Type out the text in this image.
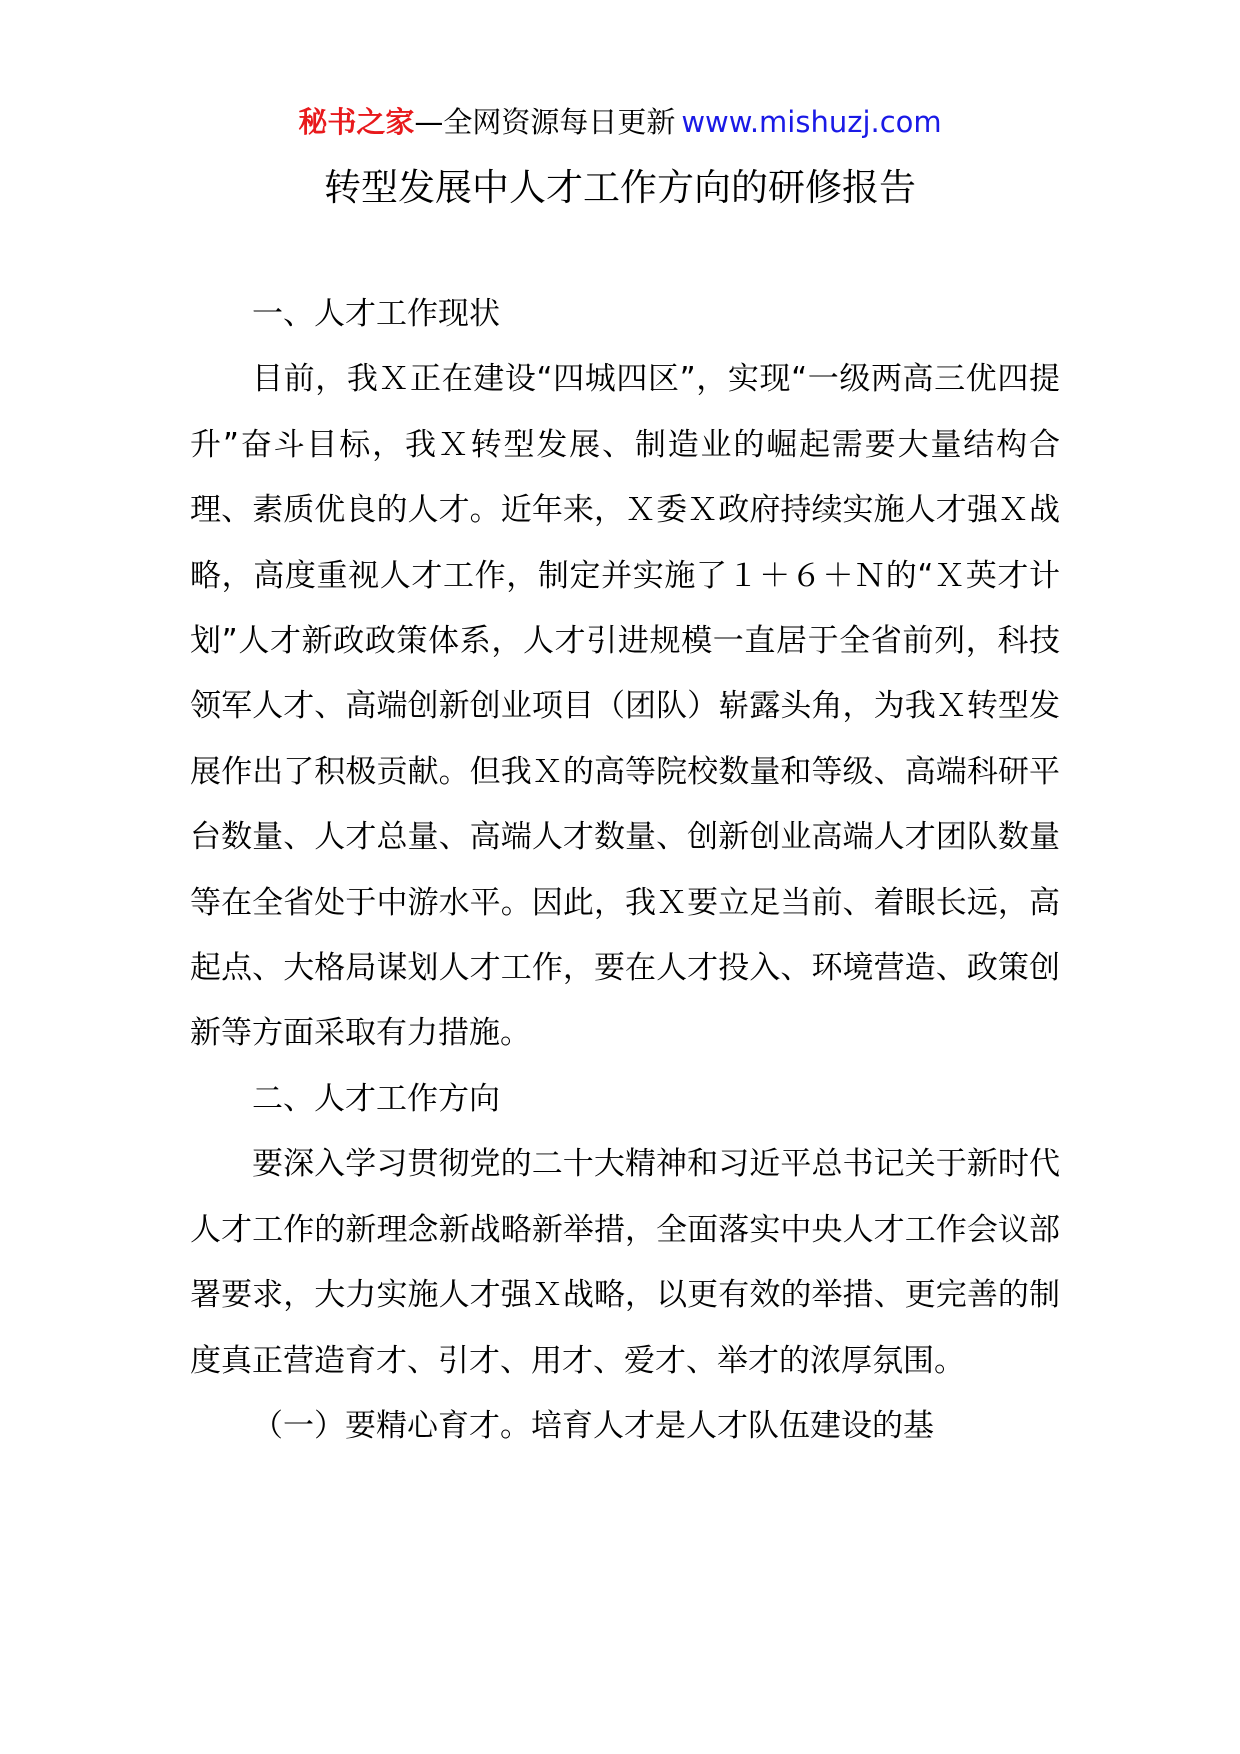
秘书之家—全网资源每日更新 www.mishuzj.com
转型发展中人才工作方向的研修报告

一、人才工作现状

目前，我Ｘ正在建设“四城四区”，实现“一级两高三优四提升”奋斗目标，我Ｘ转型发展、制造业的崛起需要大量结构合理、素质优良的人才。近年来，Ｘ委Ｘ政府持续实施人才强Ｘ战略，高度重视人才工作，制定并实施了１＋６＋Ｎ的“Ｘ英才计划”人才新政政策体系，人才引进规模一直居于全省前列，科技领军人才、高端创新创业项目（团队）崭露头角，为我Ｘ转型发展作出了积极贡献。但我Ｘ的高等院校数量和等级、高端科研平台数量、人才总量、高端人才数量、创新创业高端人才团队数量等在全省处于中游水平。因此，我Ｘ要立足当前、着眼长远，高起点、大格局谋划人才工作，要在人才投入、环境营造、政策创新等方面采取有力措施。

二、人才工作方向

要深入学习贯彻党的二十大精神和习近平总书记关于新时代人才工作的新理念新战略新举措，全面落实中央人才工作会议部署要求，大力实施人才强Ｘ战略，以更有效的举措、更完善的制度真正营造育才、引才、用才、爱才、举才的浓厚氛围。

（一）要精心育才。培育人才是人才队伍建设的基
